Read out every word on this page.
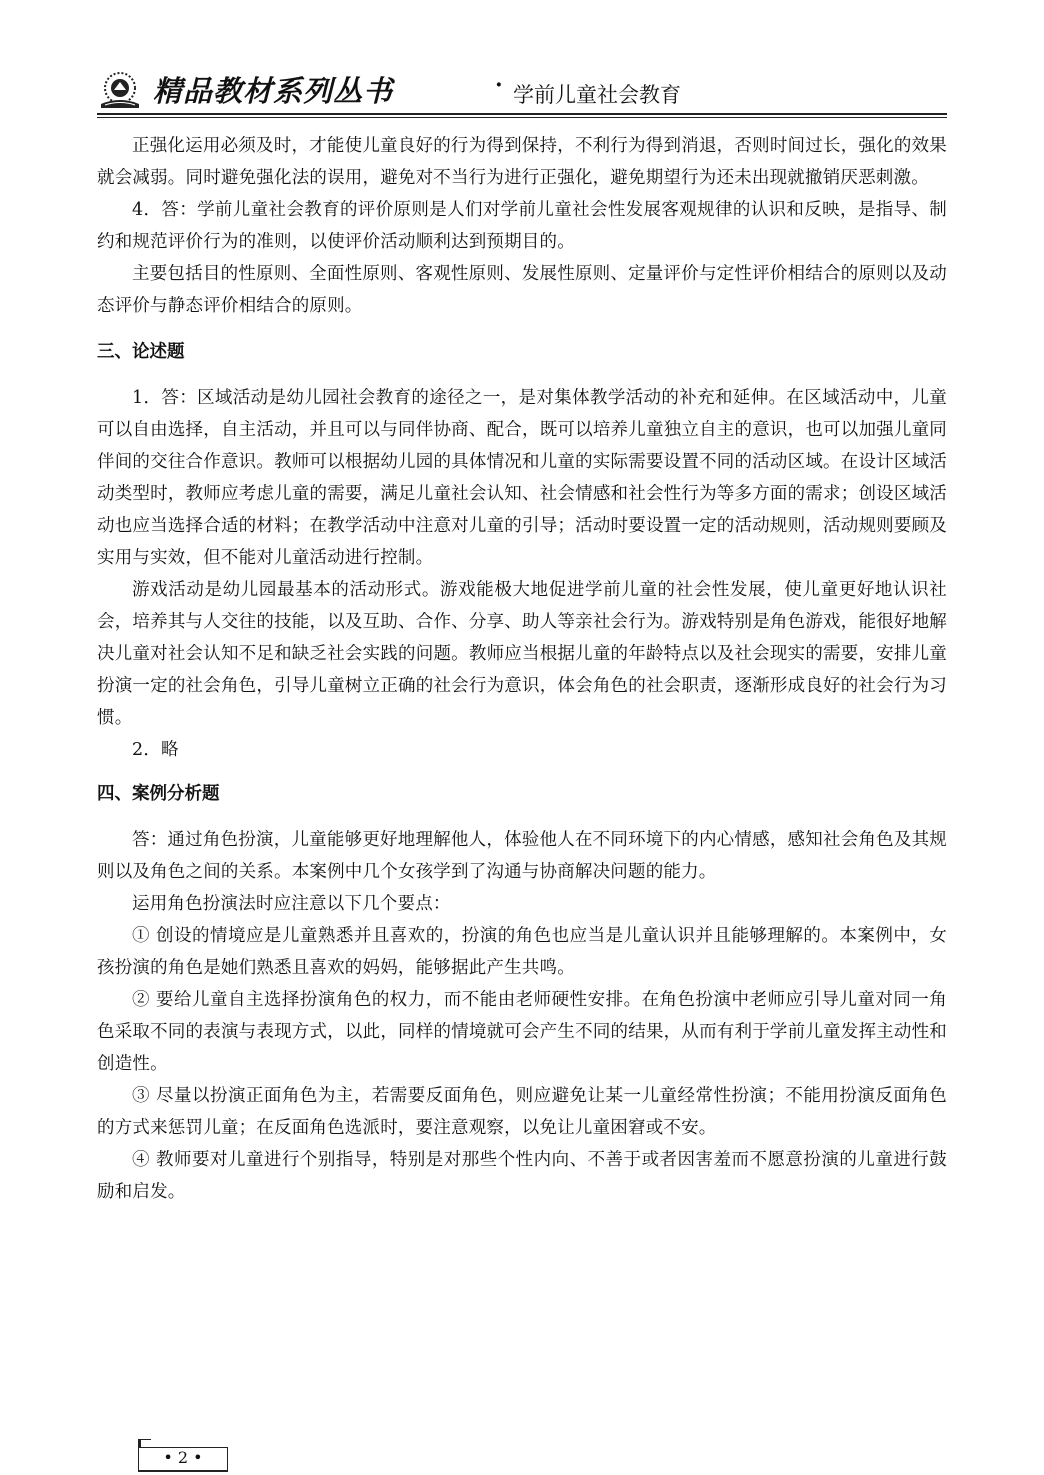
精品教材系列丛书	· 学前儿童社会教育

正强化运用必须及时，才能使儿童良好的行为得到保持，不利行为得到消退，否则时间过长，强化的效果就会减弱。同时避免强化法的误用，避免对不当行为进行正强化，避免期望行为还未出现就撤销厌恶刺激。

4．答：学前儿童社会教育的评价原则是人们对学前儿童社会性发展客观规律的认识和反映，是指导、制约和规范评价行为的准则，以使评价活动顺利达到预期目的。

主要包括目的性原则、全面性原则、客观性原则、发展性原则、定量评价与定性评价相结合的原则以及动态评价与静态评价相结合的原则。

三、论述题

1．答：区域活动是幼儿园社会教育的途径之一，是对集体教学活动的补充和延伸。在区域活动中，儿童可以自由选择，自主活动，并且可以与同伴协商、配合，既可以培养儿童独立自主的意识，也可以加强儿童同伴间的交往合作意识。教师可以根据幼儿园的具体情况和儿童的实际需要设置不同的活动区域。在设计区域活动类型时，教师应考虑儿童的需要，满足儿童社会认知、社会情感和社会性行为等多方面的需求；创设区域活动也应当选择合适的材料；在教学活动中注意对儿童的引导；活动时要设置一定的活动规则，活动规则要顾及实用与实效，但不能对儿童活动进行控制。

游戏活动是幼儿园最基本的活动形式。游戏能极大地促进学前儿童的社会性发展，使儿童更好地认识社会，培养其与人交往的技能，以及互助、合作、分享、助人等亲社会行为。游戏特别是角色游戏，能很好地解决儿童对社会认知不足和缺乏社会实践的问题。教师应当根据儿童的年龄特点以及社会现实的需要，安排儿童扮演一定的社会角色，引导儿童树立正确的社会行为意识，体会角色的社会职责，逐渐形成良好的社会行为习惯。

2．略

四、案例分析题

答：通过角色扮演，儿童能够更好地理解他人，体验他人在不同环境下的内心情感，感知社会角色及其规则以及角色之间的关系。本案例中几个女孩学到了沟通与协商解决问题的能力。

运用角色扮演法时应注意以下几个要点：

① 创设的情境应是儿童熟悉并且喜欢的，扮演的角色也应当是儿童认识并且能够理解的。本案例中，女孩扮演的角色是她们熟悉且喜欢的妈妈，能够据此产生共鸣。

② 要给儿童自主选择扮演角色的权力，而不能由老师硬性安排。在角色扮演中老师应引导儿童对同一角色采取不同的表演与表现方式，以此，同样的情境就可会产生不同的结果，从而有利于学前儿童发挥主动性和创造性。

③ 尽量以扮演正面角色为主，若需要反面角色，则应避免让某一儿童经常性扮演；不能用扮演反面角色的方式来惩罚儿童；在反面角色选派时，要注意观察，以免让儿童困窘或不安。

④ 教师要对儿童进行个别指导，特别是对那些个性内向、不善于或者因害羞而不愿意扮演的儿童进行鼓励和启发。

• 2 •
